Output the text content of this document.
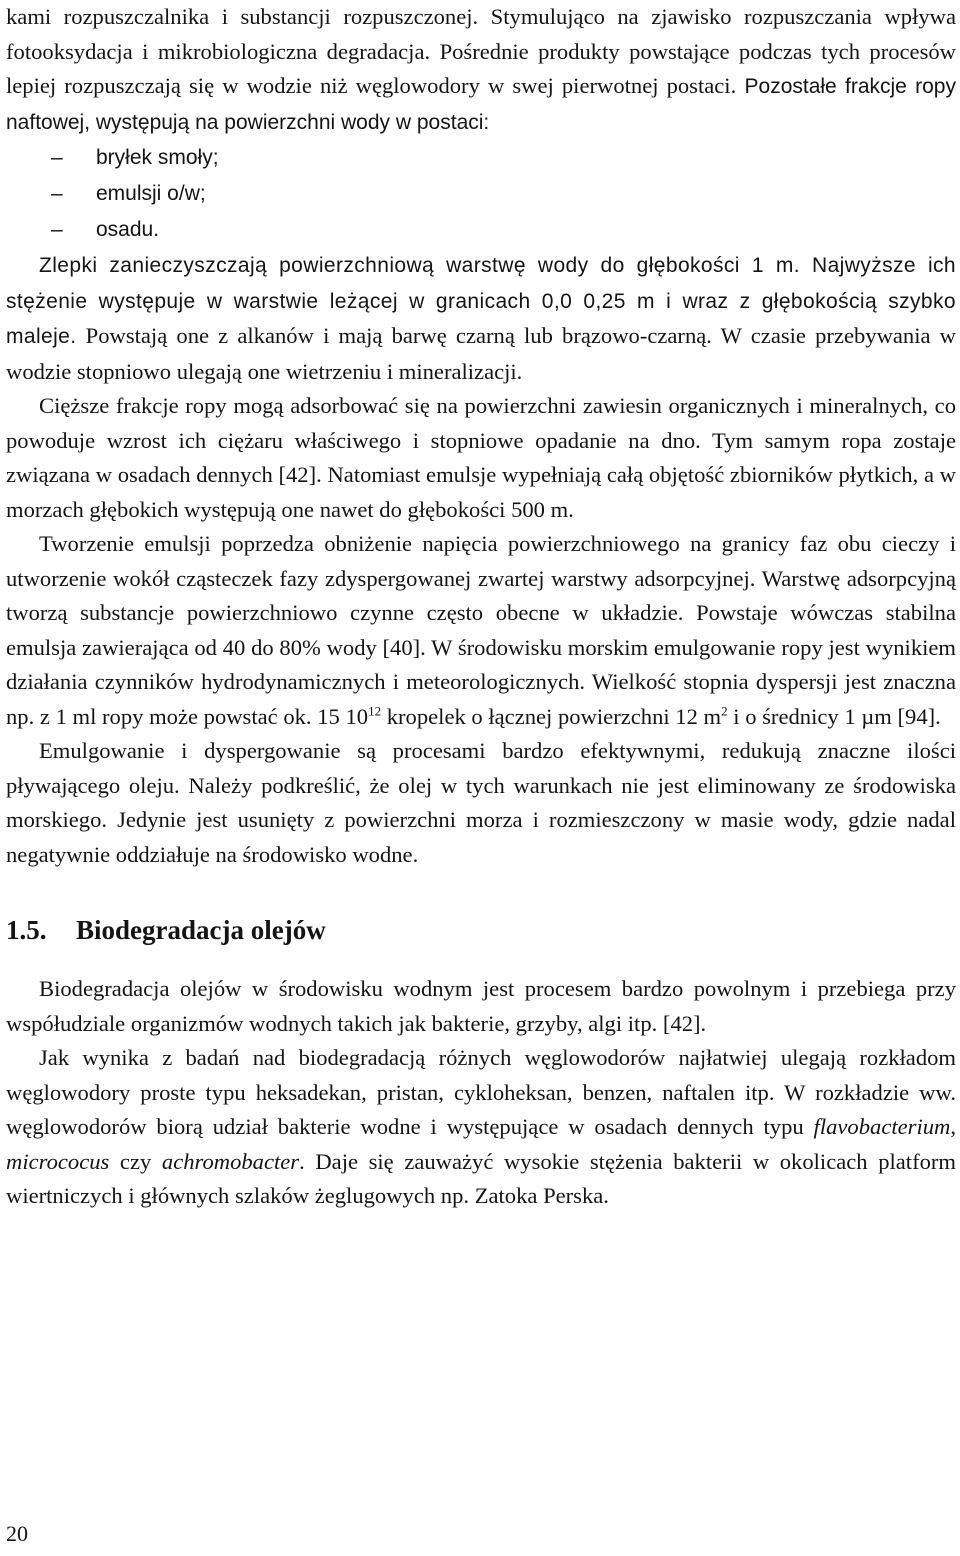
kami rozpuszczalnika i substancji rozpuszczonej. Stymulująco na zjawisko rozpuszczania wpływa fotooksydacja i mikrobiologiczna degradacja. Pośrednie produkty powstające podczas tych procesów lepiej rozpuszczają się w wodzie niż węglowodory w swej pierwotnej postaci. Pozostałe frakcje ropy naftowej, występują na powierzchni wody w postaci:

– bryłek smoły;
– emulsji o/w;
– osadu.

Zlepki zanieczyszczają powierzchniową warstwę wody do głębokości 1 m. Najwyższe ich stężenie występuje w warstwie leżącej w granicach 0,0 0,25 m i wraz z głębokością szybko maleje. Powstają one z alkanów i mają barwę czarną lub brązowo-czarną. W czasie przebywania w wodzie stopniowo ulegają one wietrzeniu i mineralizacji.

Cięższe frakcje ropy mogą adsorbować się na powierzchni zawiesin organicznych i mineralnych, co powoduje wzrost ich ciężaru właściwego i stopniowe opadanie na dno. Tym samym ropa zostaje związana w osadach dennych [42]. Natomiast emulsje wypełniają całą objętość zbiorników płytkich, a w morzach głębokich występują one nawet do głębokości 500 m.

Tworzenie emulsji poprzedza obniżenie napięcia powierzchniowego na granicy faz obu cieczy i utworzenie wokół cząsteczek fazy zdyspergowanej zwartej warstwy adsorpcyjnej. Warstwę adsorpcyjną tworzą substancje powierzchniowo czynne często obecne w układzie. Powstaje wówczas stabilna emulsja zawierająca od 40 do 80% wody [40]. W środowisku morskim emulgowanie ropy jest wynikiem działania czynników hydrodynamicznych i meteorologicznych. Wielkość stopnia dyspersji jest znaczna np. z 1 ml ropy może powstać ok. 15 $10^{12}$ kropelek o łącznej powierzchni 12 $m^2$ i o średnicy 1 µm [94].

Emulgowanie i dyspergowanie są procesami bardzo efektywnymi, redukują znaczne ilości pływającego oleju. Należy podkreślić, że olej w tych warunkach nie jest eliminowany ze środowiska morskiego. Jedynie jest usunięty z powierzchni morza i rozmieszczony w masie wody, gdzie nadal negatywnie oddziałuje na środowisko wodne.

1.5.	Biodegradacja olejów

Biodegradacja olejów w środowisku wodnym jest procesem bardzo powolnym i przebiega przy współudziale organizmów wodnych takich jak bakterie, grzyby, algi itp. [42].

Jak wynika z badań nad biodegradacją różnych węglowodorów najłatwiej ulegają rozkładom węglowodory proste typu heksadekan, pristan, cykloheksan, benzen, naftalen itp. W rozkładzie ww. węglowodorów biorą udział bakterie wodne i występujące w osadach dennych typu flavobacterium, micrococus czy achromobacter. Daje się zauważyć wysokie stężenia bakterii w okolicach platform wiertniczych i głównych szlaków żeglugowych np. Zatoka Perska.

20
